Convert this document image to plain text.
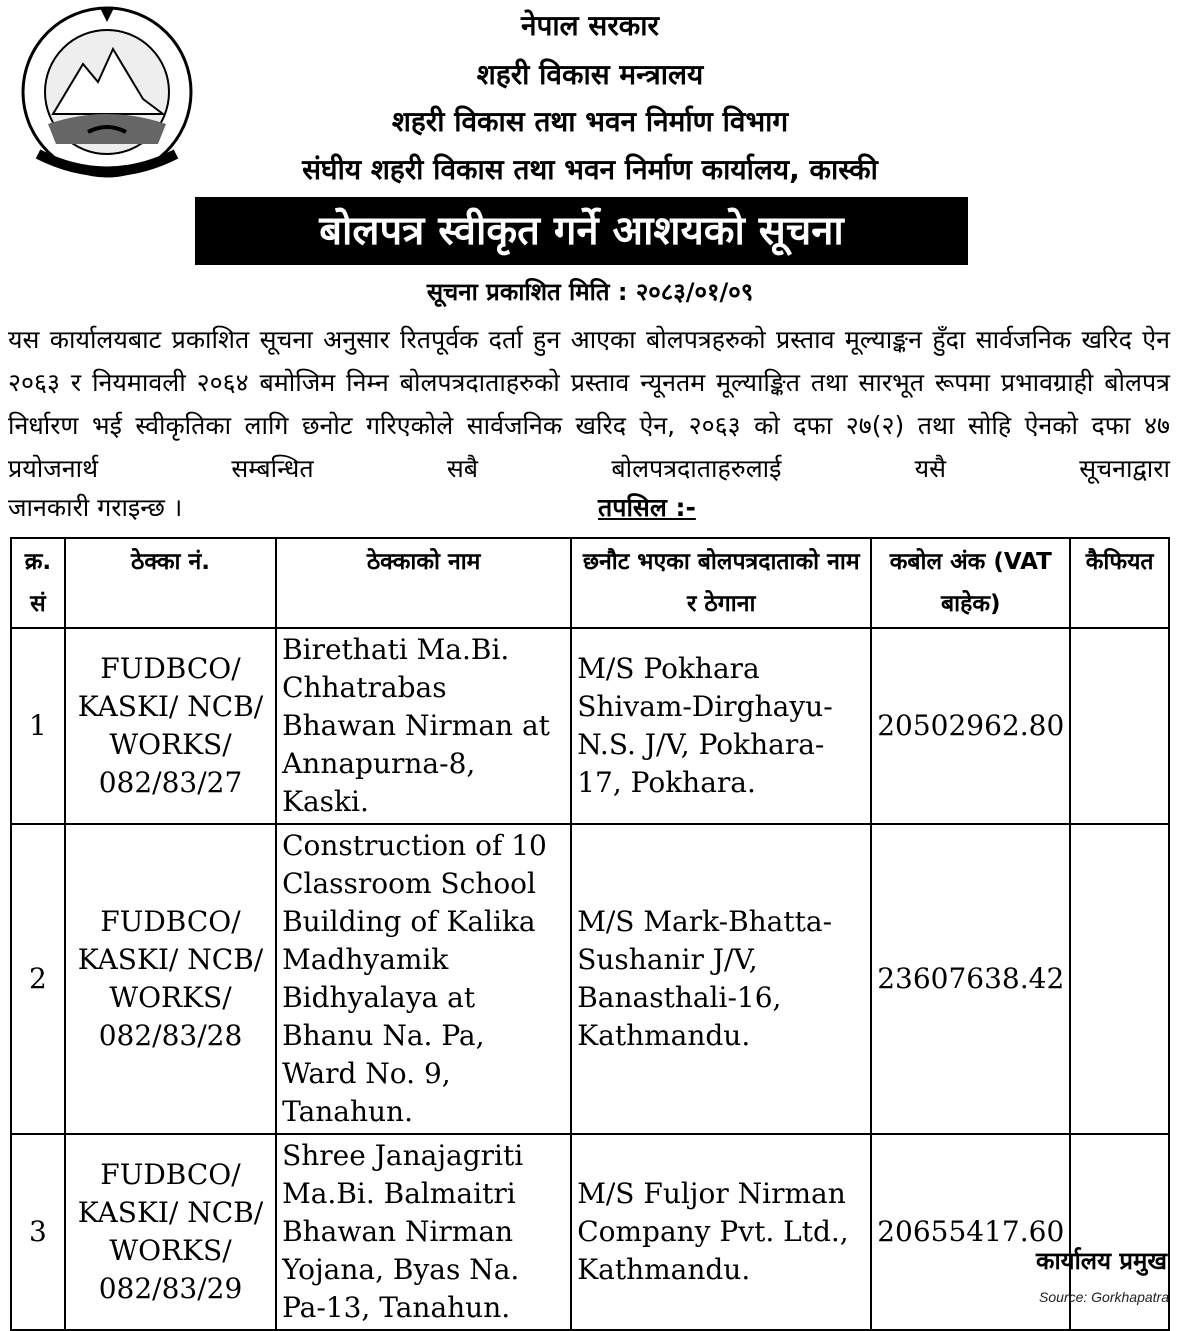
नेपाल सरकार
शहरी विकास मन्त्रालय
शहरी विकास तथा भवन निर्माण विभाग
संघीय शहरी विकास तथा भवन निर्माण कार्यालय, कास्की
बोलपत्र स्वीकृत गर्ने आशयको सूचना
सूचना प्रकाशित मिति : २०८३/०१/०९
यस कार्यालयबाट प्रकाशित सूचना अनुसार रितपूर्वक दर्ता हुन आएका बोलपत्रहरुको प्रस्ताव मूल्याङ्कन हुँदा सार्वजनिक खरिद ऐन २०६३ र नियमावली २०६४ बमोजिम निम्न बोलपत्रदाताहरुको प्रस्ताव न्यूनतम मूल्याङ्कित तथा सारभूत रूपमा प्रभावग्राही बोलपत्र निर्धारण भई स्वीकृतिका लागि छनोट गरिएकोले सार्वजनिक खरिद ऐन, २०६३ को दफा २७(२) तथा सोहि ऐनको दफा ४७ प्रयोजनार्थ सम्बन्धित सबै बोलपत्रदाताहरुलाई यसै सूचनाद्वारा
जानकारी गराइन्छ ।	तपसिल :-
क्र. सं	ठेक्का नं.	ठेक्काको नाम	छनौट भएका बोलपत्रदाताको नाम र ठेगाना	कबोल अंक (VAT बाहेक)	कैफियत
1	FUDBCO/ KASKI/ NCB/ WORKS/ 082/83/27	Birethati Ma.Bi. Chhatrabas Bhawan Nirman at Annapurna-8, Kaski.	M/S Pokhara Shivam-Dirghayu-N.S. J/V, Pokhara-17, Pokhara.	20502962.80	
2	FUDBCO/ KASKI/ NCB/ WORKS/ 082/83/28	Construction of 10 Classroom School Building of Kalika Madhyamik Bidhyalaya at Bhanu Na. Pa, Ward No. 9, Tanahun.	M/S Mark-Bhatta-Sushanir J/V, Banasthali-16, Kathmandu.	23607638.42	
3	FUDBCO/ KASKI/ NCB/ WORKS/ 082/83/29	Shree Janajagriti Ma.Bi. Balmaitri Bhawan Nirman Yojana, Byas Na. Pa-13, Tanahun.	M/S Fuljor Nirman Company Pvt. Ltd., Kathmandu.	20655417.60	
कार्यालय प्रमुख
Source: Gorkhapatra
